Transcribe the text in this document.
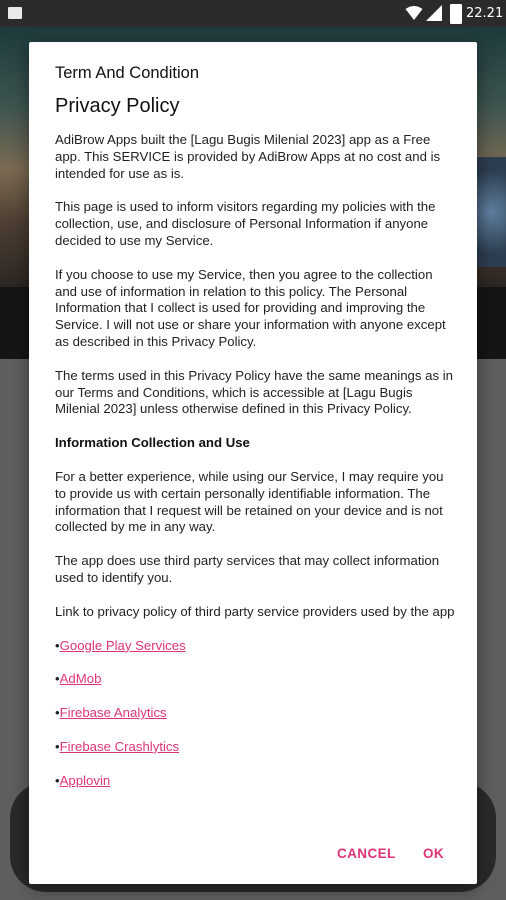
22.21
Term And Condition
Privacy Policy

AdiBrow Apps built the [Lagu Bugis Milenial 2023] app as a Free app. This SERVICE is provided by AdiBrow Apps at no cost and is intended for use as is.

This page is used to inform visitors regarding my policies with the collection, use, and disclosure of Personal Information if anyone decided to use my Service.

If you choose to use my Service, then you agree to the collection and use of information in relation to this policy. The Personal Information that I collect is used for providing and improving the Service. I will not use or share your information with anyone except as described in this Privacy Policy.

The terms used in this Privacy Policy have the same meanings as in our Terms and Conditions, which is accessible at [Lagu Bugis Milenial 2023] unless otherwise defined in this Privacy Policy.

Information Collection and Use

For a better experience, while using our Service, I may require you to provide us with certain personally identifiable information. The information that I request will be retained on your device and is not collected by me in any way.

The app does use third party services that may collect information used to identify you.

Link to privacy policy of third party service providers used by the app

•Google Play Services
•AdMob
•Firebase Analytics
•Firebase Crashlytics
•Applovin
CANCEL	OK
